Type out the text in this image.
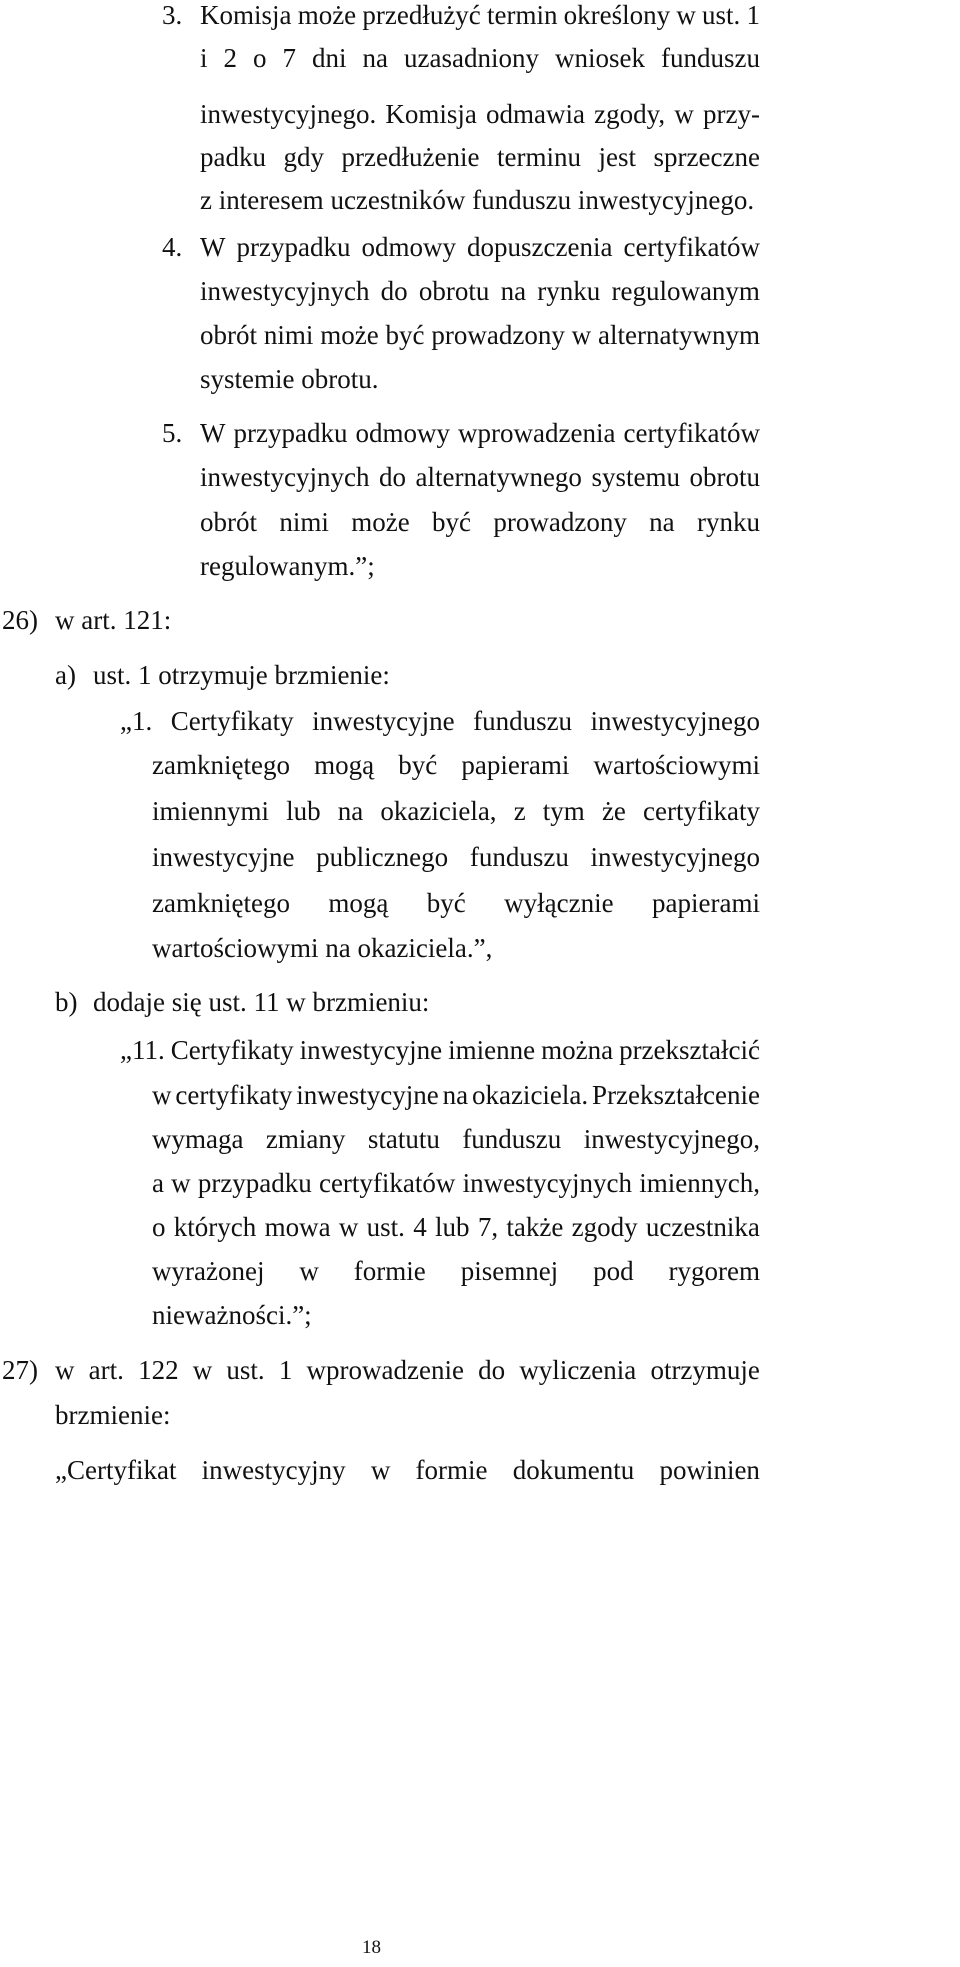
3. Komisja może przedłużyć termin określony w ust. 1
i 2 o 7 dni na uzasadniony wniosek funduszu
inwestycyjnego. Komisja odmawia zgody, w przy-
padku gdy przedłużenie terminu jest sprzeczne
z interesem uczestników funduszu inwestycyjnego.
4. W przypadku odmowy dopuszczenia certyfikatów
inwestycyjnych do obrotu na rynku regulowanym
obrót nimi może być prowadzony w alternatywnym
systemie obrotu.
5. W przypadku odmowy wprowadzenia certyfikatów
inwestycyjnych do alternatywnego systemu obrotu
obrót nimi może być prowadzony na rynku
regulowanym.”;
26) w art. 121:
a) ust. 1 otrzymuje brzmienie:
„1. Certyfikaty inwestycyjne funduszu inwestycyjnego
zamkniętego mogą być papierami wartościowymi
imiennymi lub na okaziciela, z tym że certyfikaty
inwestycyjne publicznego funduszu inwestycyjnego
zamkniętego mogą być wyłącznie papierami
wartościowymi na okaziciela.”,
b) dodaje się ust. 11 w brzmieniu:
„11. Certyfikaty inwestycyjne imienne można przekształcić
w certyfikaty inwestycyjne na okaziciela. Przekształcenie
wymaga zmiany statutu funduszu inwestycyjnego,
a w przypadku certyfikatów inwestycyjnych imiennych,
o których mowa w ust. 4 lub 7, także zgody uczestnika
wyrażonej w formie pisemnej pod rygorem
nieważności.”;
27) w art. 122 w ust. 1 wprowadzenie do wyliczenia otrzymuje
brzmienie:
„Certyfikat inwestycyjny w formie dokumentu powinien
18
